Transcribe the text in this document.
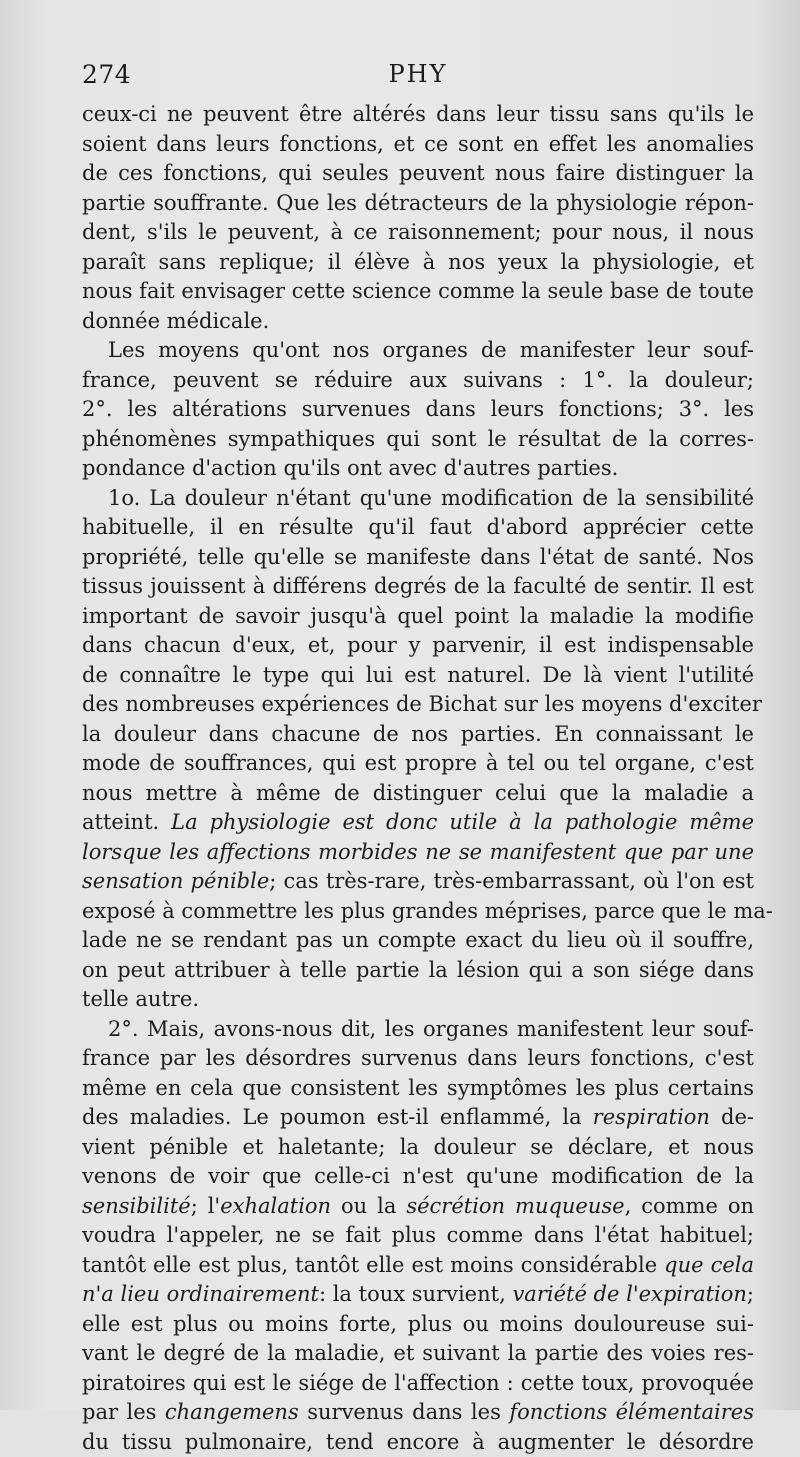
274	PHY
ceux-ci ne peuvent être altérés dans leur tissu sans qu'ils le
soient dans leurs fonctions, et ce sont en effet les anomalies
de ces fonctions, qui seules peuvent nous faire distinguer la
partie souffrante. Que les détracteurs de la physiologie répon-
dent, s'ils le peuvent, à ce raisonnement; pour nous, il nous
paraît sans replique; il élève à nos yeux la physiologie, et
nous fait envisager cette science comme la seule base de toute
donnée médicale.
Les moyens qu'ont nos organes de manifester leur souf-
france, peuvent se réduire aux suivans : 1°. la douleur;
2°. les altérations survenues dans leurs fonctions; 3°. les
phénomènes sympathiques qui sont le résultat de la corres-
pondance d'action qu'ils ont avec d'autres parties.
1o. La douleur n'étant qu'une modification de la sensibilité
habituelle, il en résulte qu'il faut d'abord apprécier cette
propriété, telle qu'elle se manifeste dans l'état de santé. Nos
tissus jouissent à différens degrés de la faculté de sentir. Il est
important de savoir jusqu'à quel point la maladie la modifie
dans chacun d'eux, et, pour y parvenir, il est indispensable
de connaître le type qui lui est naturel. De là vient l'utilité
des nombreuses expériences de Bichat sur les moyens d'exciter
la douleur dans chacune de nos parties. En connaissant le
mode de souffrances, qui est propre à tel ou tel organe, c'est
nous mettre à même de distinguer celui que la maladie a
atteint. La physiologie est donc utile à la pathologie même
lorsque les affections morbides ne se manifestent que par une
sensation pénible; cas très-rare, très-embarrassant, où l'on est
exposé à commettre les plus grandes méprises, parce que le ma-
lade ne se rendant pas un compte exact du lieu où il souffre,
on peut attribuer à telle partie la lésion qui a son siége dans
telle autre.
2°. Mais, avons-nous dit, les organes manifestent leur souf-
france par les désordres survenus dans leurs fonctions, c'est
même en cela que consistent les symptômes les plus certains
des maladies. Le poumon est-il enflammé, la respiration de-
vient pénible et haletante; la douleur se déclare, et nous
venons de voir que celle-ci n'est qu'une modification de la
sensibilité; l'exhalation ou la sécrétion muqueuse, comme on
voudra l'appeler, ne se fait plus comme dans l'état habituel;
tantôt elle est plus, tantôt elle est moins considérable que cela
n'a lieu ordinairement: la toux survient, variété de l'expiration;
elle est plus ou moins forte, plus ou moins douloureuse sui-
vant le degré de la maladie, et suivant la partie des voies res-
piratoires qui est le siége de l'affection : cette toux, provoquée
par les changemens survenus dans les fonctions élémentaires
du tissu pulmonaire, tend encore à augmenter le désordre
